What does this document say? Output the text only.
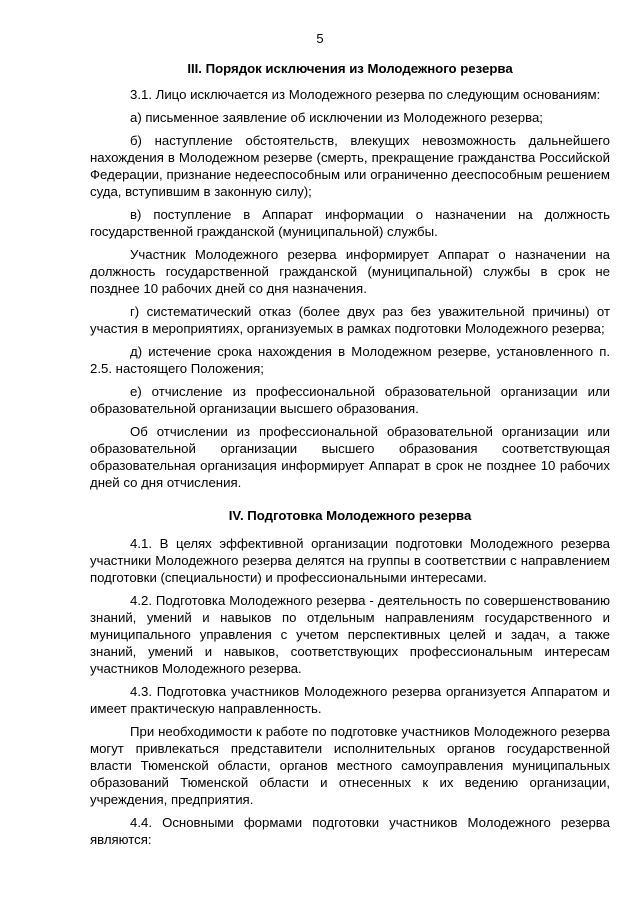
5
III. Порядок исключения из Молодежного резерва

3.1. Лицо исключается из Молодежного резерва по следующим основаниям:

а) письменное заявление об исключении из Молодежного резерва;

б) наступление обстоятельств, влекущих невозможность дальнейшего нахождения в Молодежном резерве (смерть, прекращение гражданства Российской Федерации, признание недееспособным или ограниченно дееспособным решением суда, вступившим в законную силу);

в) поступление в Аппарат информации о назначении на должность государственной гражданской (муниципальной) службы.

Участник Молодежного резерва информирует Аппарат о назначении на должность государственной гражданской (муниципальной) службы в срок не позднее 10 рабочих дней со дня назначения.

г) систематический отказ (более двух раз без уважительной причины) от участия в мероприятиях, организуемых в рамках подготовки Молодежного резерва;

д) истечение срока нахождения в Молодежном резерве, установленного п. 2.5. настоящего Положения;

е) отчисление из профессиональной образовательной организации или образовательной организации высшего образования.

Об отчислении из профессиональной образовательной организации или образовательной организации высшего образования соответствующая образовательная организация информирует Аппарат в срок не позднее 10 рабочих дней со дня отчисления.

IV. Подготовка Молодежного резерва

4.1. В целях эффективной организации подготовки Молодежного резерва участники Молодежного резерва делятся на группы в соответствии с направлением подготовки (специальности) и профессиональными интересами.

4.2. Подготовка Молодежного резерва - деятельность по совершенствованию знаний, умений и навыков по отдельным направлениям государственного и муниципального управления с учетом перспективных целей и задач, а также знаний, умений и навыков, соответствующих профессиональным интересам участников Молодежного резерва.

4.3. Подготовка участников Молодежного резерва организуется Аппаратом и имеет практическую направленность.

При необходимости к работе по подготовке участников Молодежного резерва могут привлекаться представители исполнительных органов государственной власти Тюменской области, органов местного самоуправления муниципальных образований Тюменской области и отнесенных к их ведению организации, учреждения, предприятия.

4.4. Основными формами подготовки участников Молодежного резерва являются:
